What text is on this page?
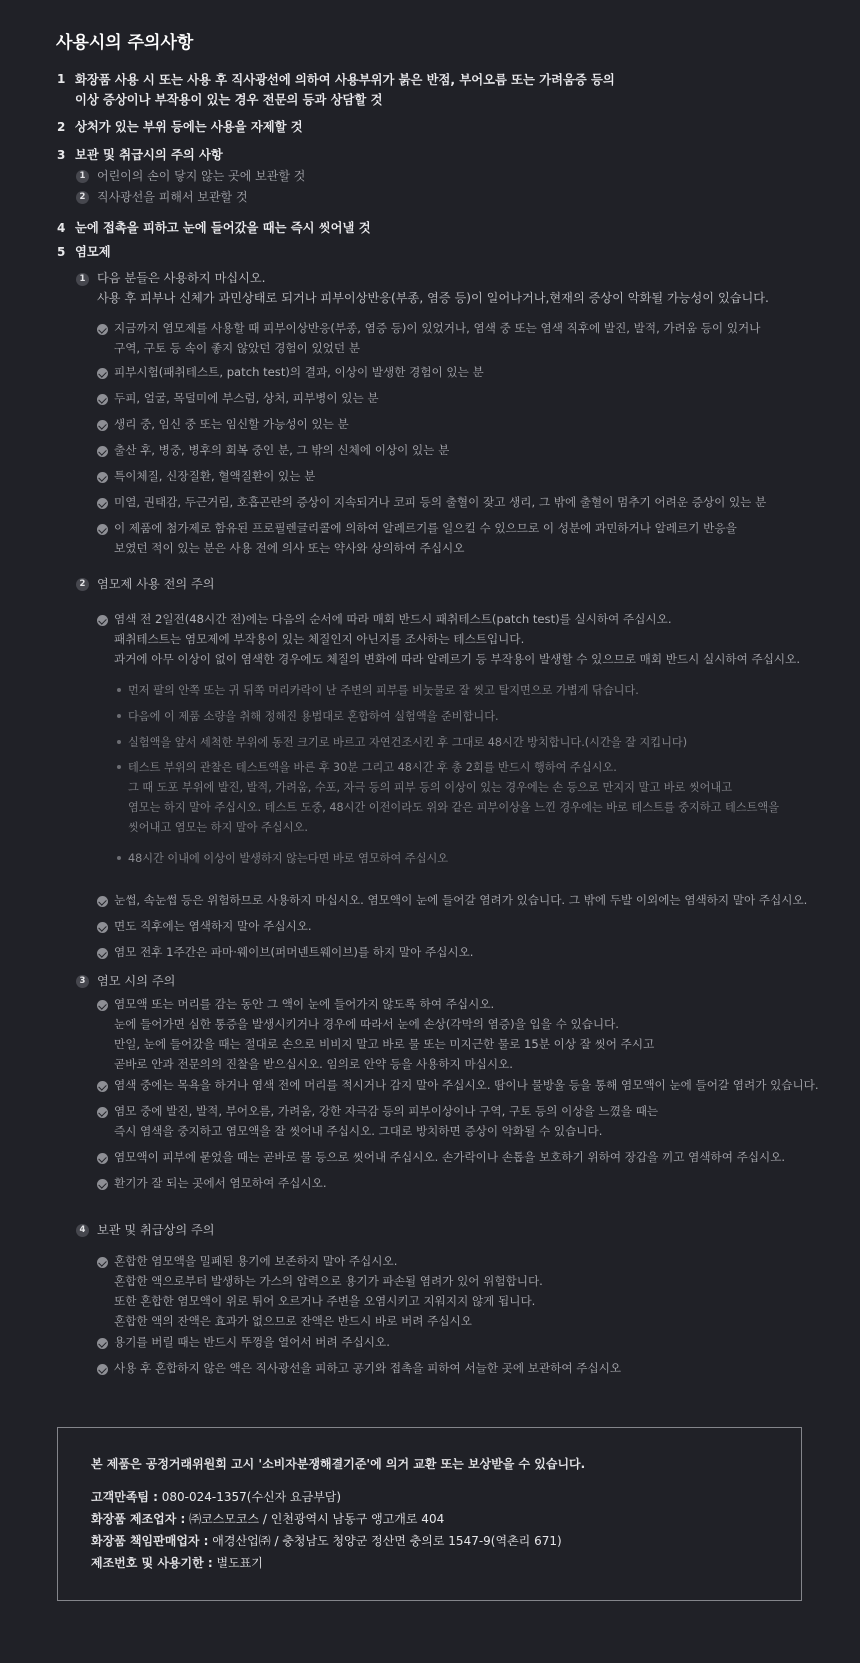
사용시의 주의사항
1 화장품 사용 시 또는 사용 후 직사광선에 의하여 사용부위가 붉은 반점, 부어오름 또는 가려움증 등의
이상 증상이나 부작용이 있는 경우 전문의 등과 상담할 것
2 상처가 있는 부위 등에는 사용을 자제할 것
3 보관 및 취급시의 주의 사항
1 어린이의 손이 닿지 않는 곳에 보관할 것
2 직사광선을 피해서 보관할 것
4 눈에 접촉을 피하고 눈에 들어갔을 때는 즉시 씻어낼 것
5 염모제
1 다음 분들은 사용하지 마십시오.
사용 후 피부나 신체가 과민상태로 되거나 피부이상반응(부종, 염증 등)이 일어나거나,현재의 증상이 악화될 가능성이 있습니다.
지금까지 염모제를 사용할 때 피부이상반응(부종, 염증 등)이 있었거나, 염색 중 또는 염색 직후에 발진, 발적, 가려움 등이 있거나
구역, 구토 등 속이 좋지 않았던 경험이 있었던 분
피부시험(패취테스트, patch test)의 결과, 이상이 발생한 경험이 있는 분
두피, 얼굴, 목덜미에 부스럼, 상처, 피부병이 있는 분
생리 중, 임신 중 또는 임신할 가능성이 있는 분
출산 후, 병중, 병후의 회복 중인 분, 그 밖의 신체에 이상이 있는 분
특이체질, 신장질환, 혈액질환이 있는 분
미열, 권태감, 두근거림, 호흡곤란의 증상이 지속되거나 코피 등의 출혈이 잦고 생리, 그 밖에 출혈이 멈추기 어려운 증상이 있는 분
이 제품에 첨가제로 함유된 프로필렌글리콜에 의하여 알레르기를 일으킬 수 있으므로 이 성분에 과민하거나 알레르기 반응을
보였던 적이 있는 분은 사용 전에 의사 또는 약사와 상의하여 주십시오
2 염모제 사용 전의 주의
염색 전 2일전(48시간 전)에는 다음의 순서에 따라 매회 반드시 패취테스트(patch test)를 실시하여 주십시오.
패취테스트는 염모제에 부작용이 있는 체질인지 아닌지를 조사하는 테스트입니다.
과거에 아무 이상이 없이 염색한 경우에도 체질의 변화에 따라 알레르기 등 부작용이 발생할 수 있으므로 매회 반드시 실시하여 주십시오.
먼저 팔의 안쪽 또는 귀 뒤쪽 머리카락이 난 주변의 피부를 비눗물로 잘 씻고 탈지면으로 가볍게 닦습니다.
다음에 이 제품 소량을 취해 정해진 용법대로 혼합하여 실험액을 준비합니다.
실험액을 앞서 세척한 부위에 동전 크기로 바르고 자연건조시킨 후 그대로 48시간 방치합니다.(시간을 잘 지킵니다)
테스트 부위의 관찰은 테스트액을 바른 후 30분 그리고 48시간 후 총 2회를 반드시 행하여 주십시오.
그 때 도포 부위에 발진, 발적, 가려움, 수포, 자극 등의 피부 등의 이상이 있는 경우에는 손 등으로 만지지 말고 바로 씻어내고
염모는 하지 말아 주십시오. 테스트 도중, 48시간 이전이라도 위와 같은 피부이상을 느낀 경우에는 바로 테스트를 중지하고 테스트액을
씻어내고 염모는 하지 말아 주십시오.
48시간 이내에 이상이 발생하지 않는다면 바로 염모하여 주십시오
눈썹, 속눈썹 등은 위험하므로 사용하지 마십시오. 염모액이 눈에 들어갈 염려가 있습니다. 그 밖에 두발 이외에는 염색하지 말아 주십시오.
면도 직후에는 염색하지 말아 주십시오.
염모 전후 1주간은 파마·웨이브(퍼머넨트웨이브)를 하지 말아 주십시오.
3 염모 시의 주의
염모액 또는 머리를 감는 동안 그 액이 눈에 들어가지 않도록 하여 주십시오.
눈에 들어가면 심한 통증을 발생시키거나 경우에 따라서 눈에 손상(각막의 염증)을 입을 수 있습니다.
만일, 눈에 들어갔을 때는 절대로 손으로 비비지 말고 바로 물 또는 미지근한 물로 15분 이상 잘 씻어 주시고
곧바로 안과 전문의의 진찰을 받으십시오. 임의로 안약 등을 사용하지 마십시오.
염색 중에는 목욕을 하거나 염색 전에 머리를 적시거나 감지 말아 주십시오. 땀이나 물방울 등을 통해 염모액이 눈에 들어갈 염려가 있습니다.
염모 중에 발진, 발적, 부어오름, 가려움, 강한 자극감 등의 피부이상이나 구역, 구토 등의 이상을 느꼈을 때는
즉시 염색을 중지하고 염모액을 잘 씻어내 주십시오. 그대로 방치하면 증상이 악화될 수 있습니다.
염모액이 피부에 묻었을 때는 곧바로 물 등으로 씻어내 주십시오. 손가락이나 손톱을 보호하기 위하여 장갑을 끼고 염색하여 주십시오.
환기가 잘 되는 곳에서 염모하여 주십시오.
4 보관 및 취급상의 주의
혼합한 염모액을 밀폐된 용기에 보존하지 말아 주십시오.
혼합한 액으로부터 발생하는 가스의 압력으로 용기가 파손될 염려가 있어 위험합니다.
또한 혼합한 염모액이 위로 튀어 오르거나 주변을 오염시키고 지워지지 않게 됩니다.
혼합한 액의 잔액은 효과가 없으므로 잔액은 반드시 바로 버려 주십시오
용기를 버릴 때는 반드시 뚜껑을 열어서 버려 주십시오.
사용 후 혼합하지 않은 액은 직사광선을 피하고 공기와 접촉을 피하여 서늘한 곳에 보관하여 주십시오
본 제품은 공정거래위원회 고시 '소비자분쟁해결기준'에 의거 교환 또는 보상받을 수 있습니다.
고객만족팀 : 080-024-1357(수신자 요금부담)
화장품 제조업자 : ㈜코스모코스 / 인천광역시 남동구 앵고개로 404
화장품 책임판매업자 : 애경산업㈜ / 충청남도 청양군 정산면 충의로 1547-9(역촌리 671)
제조번호 및 사용기한 : 별도표기
